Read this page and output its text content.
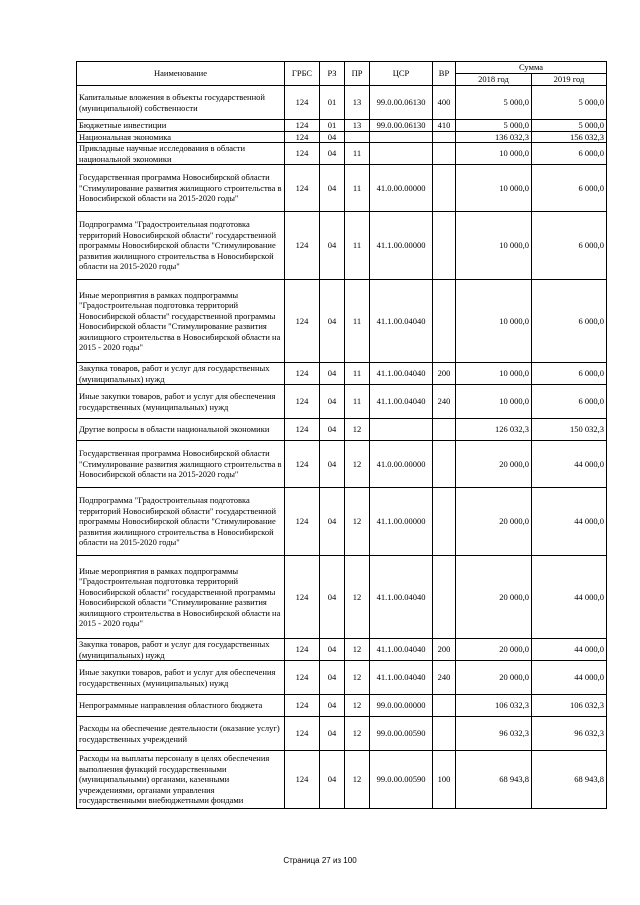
Наименование	ГРБС	РЗ	ПР	ЦСР	ВР	Сумма	
						2018 год	2019 год
Капитальные вложения в объекты государственной (муниципальной) собственности	124	01	13	99.0.00.06130	400	5 000,0	5 000,0
Бюджетные инвестиции	124	01	13	99.0.00.06130	410	5 000,0	5 000,0
Национальная экономика	124	04				136 032,3	156 032,3
Прикладные научные исследования в области национальной экономики	124	04	11			10 000,0	6 000,0
Государственная программа Новосибирской области "Стимулирование развития жилищного строительства в Новосибирской области на 2015-2020 годы"	124	04	11	41.0.00.00000		10 000,0	6 000,0
Подпрограмма "Градостроительная подготовка территорий Новосибирской области" государственной программы Новосибирской области "Стимулирование развития жилищного строительства в Новосибирской области на 2015-2020 годы"	124	04	11	41.1.00.00000		10 000,0	6 000,0
Иные мероприятия в рамках подпрограммы "Градостроительная подготовка территорий Новосибирской области" государственной программы Новосибирской области "Стимулирование развития жилищного строительства в Новосибирской области на 2015 - 2020 годы"	124	04	11	41.1.00.04040		10 000,0	6 000,0
Закупка товаров, работ и услуг для государственных (муниципальных) нужд	124	04	11	41.1.00.04040	200	10 000,0	6 000,0
Иные закупки товаров, работ и услуг для обеспечения государственных (муниципальных) нужд	124	04	11	41.1.00.04040	240	10 000,0	6 000,0
Другие вопросы в области национальной экономики	124	04	12			126 032,3	150 032,3
Государственная программа Новосибирской области "Стимулирование развития жилищного строительства в Новосибирской области на 2015-2020 годы"	124	04	12	41.0.00.00000		20 000,0	44 000,0
Подпрограмма "Градостроительная подготовка территорий Новосибирской области" государственной программы Новосибирской области "Стимулирование развития жилищного строительства в Новосибирской области на 2015-2020 годы"	124	04	12	41.1.00.00000		20 000,0	44 000,0
Иные мероприятия в рамках подпрограммы "Градостроительная подготовка территорий Новосибирской области" государственной программы Новосибирской области "Стимулирование развития жилищного строительства в Новосибирской области на 2015 - 2020 годы"	124	04	12	41.1.00.04040		20 000,0	44 000,0
Закупка товаров, работ и услуг для государственных (муниципальных) нужд	124	04	12	41.1.00.04040	200	20 000,0	44 000,0
Иные закупки товаров, работ и услуг для обеспечения государственных (муниципальных) нужд	124	04	12	41.1.00.04040	240	20 000,0	44 000,0
Непрограммные направления областного бюджета	124	04	12	99.0.00.00000		106 032,3	106 032,3
Расходы на обеспечение деятельности (оказание услуг) государственных учреждений	124	04	12	99.0.00.00590		96 032,3	96 032,3
Расходы на выплаты персоналу в целях обеспечения выполнения функций государственными (муниципальными) органами, казенными учреждениями, органами управления государственными внебюджетными фондами	124	04	12	99.0.00.00590	100	68 943,8	68 943,8
Страница 27 из 100
